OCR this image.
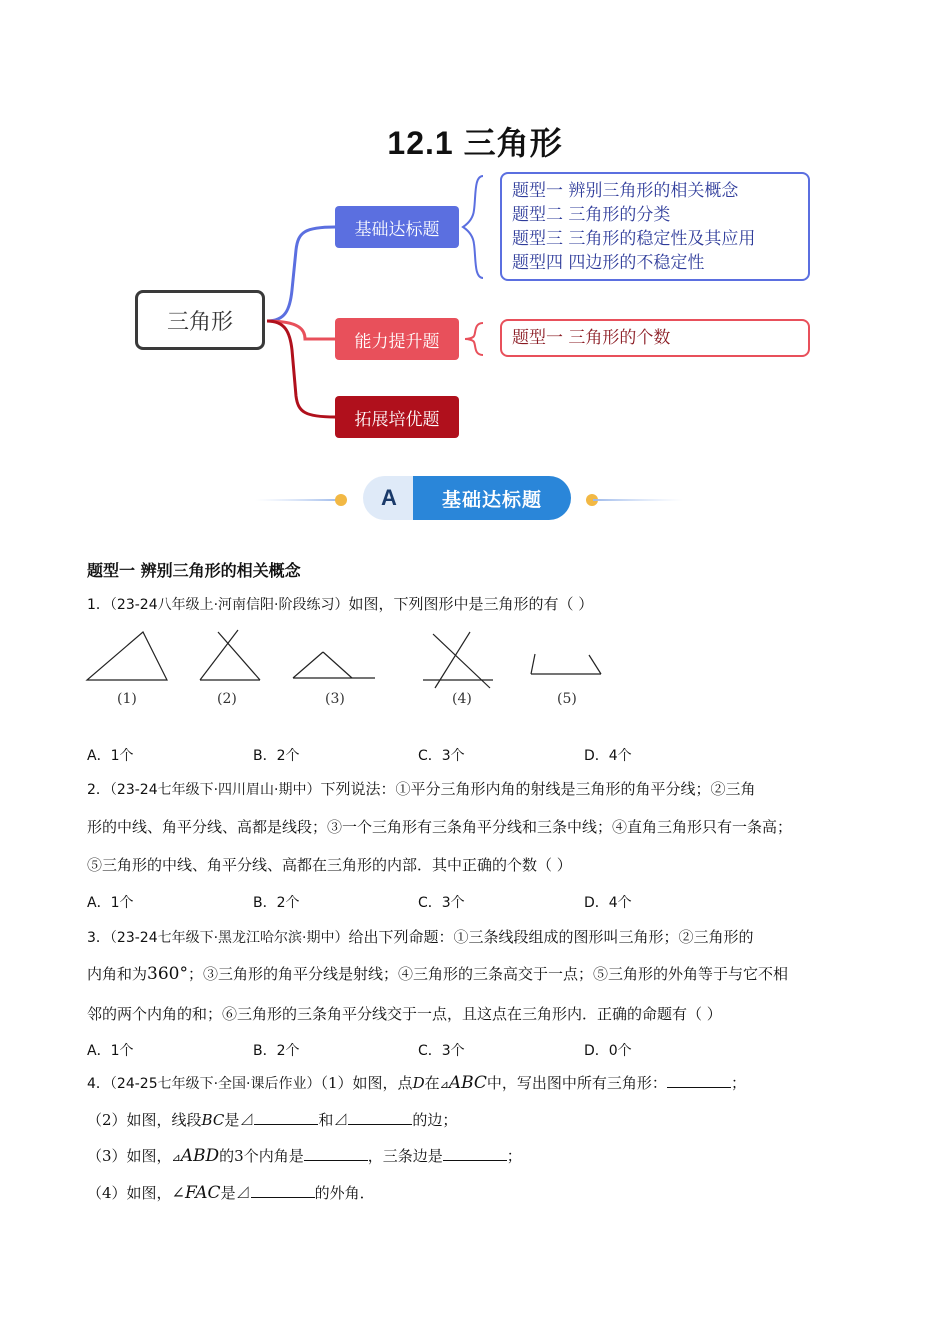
12.1 三角形
三角形
基础达标题
能力提升题
拓展培优题
题型一 辨别三角形的相关概念
题型二 三角形的分类
题型三 三角形的稳定性及其应用
题型四 四边形的不稳定性
题型一 三角形的个数
A 基础达标题
题型一 辨别三角形的相关概念
1．（23-24八年级上·河南信阳·阶段练习）如图，下列图形中是三角形的有（ ）
(1)	(2)	(3)	(4)	(5)
A．1个	B．2个	C．3个	D．4个
2．（23-24七年级下·四川眉山·期中）下列说法：①平分三角形内角的射线是三角形的角平分线；②三角
形的中线、角平分线、高都是线段；③一个三角形有三条角平分线和三条中线；④直角三角形只有一条高；
⑤三角形的中线、角平分线、高都在三角形的内部．其中正确的个数（ ）
A．1个	B．2个	C．3个	D．4个
3．（23-24七年级下·黑龙江哈尔滨·期中）给出下列命题：①三条线段组成的图形叫三角形；②三角形的
内角和为360°；③三角形的角平分线是射线；④三角形的三条高交于一点；⑤三角形的外角等于与它不相
邻的两个内角的和；⑥三角形的三条角平分线交于一点，且这点在三角形内．正确的命题有（ ）
A．1个	B．2个	C．3个	D．0个
4．（24-25七年级下·全国·课后作业）（1）如图，点D在⊿ABC中，写出图中所有三角形：	；
（2）如图，线段BC是⊿	和⊿	的边；
（3）如图，⊿ABD的3个内角是	，三条边是	；
（4）如图，∠FAC是⊿	的外角．
